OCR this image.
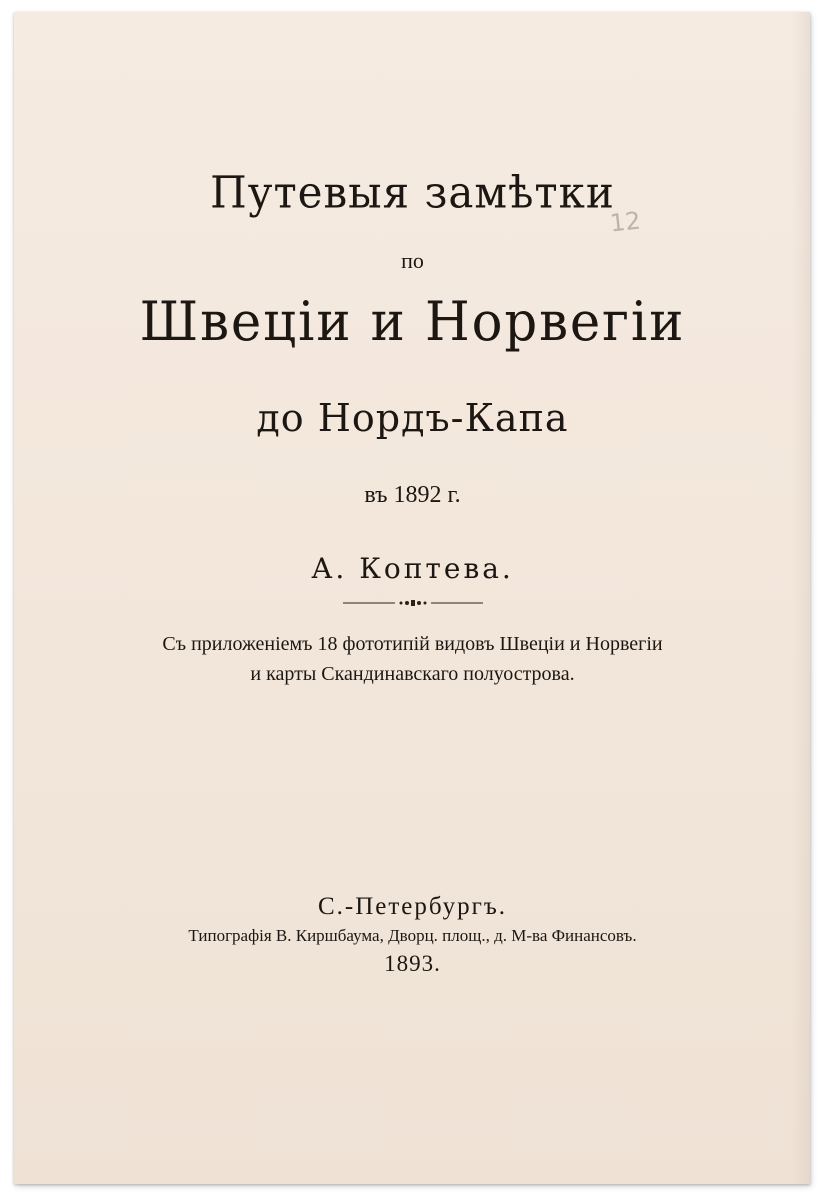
12
Путевыя замѣтки
по
Швеціи и Норвегіи
до Нордъ-Капа
въ 1892 г.
А. Коптева.
Съ приложеніемъ 18 фототипій видовъ Швеціи и Норвегіи
и карты Скандинавскаго полуострова.
С.-Петербургъ.
Типографія В. Киршбаума, Дворц. площ., д. М-ва Финансовъ.
1893.
